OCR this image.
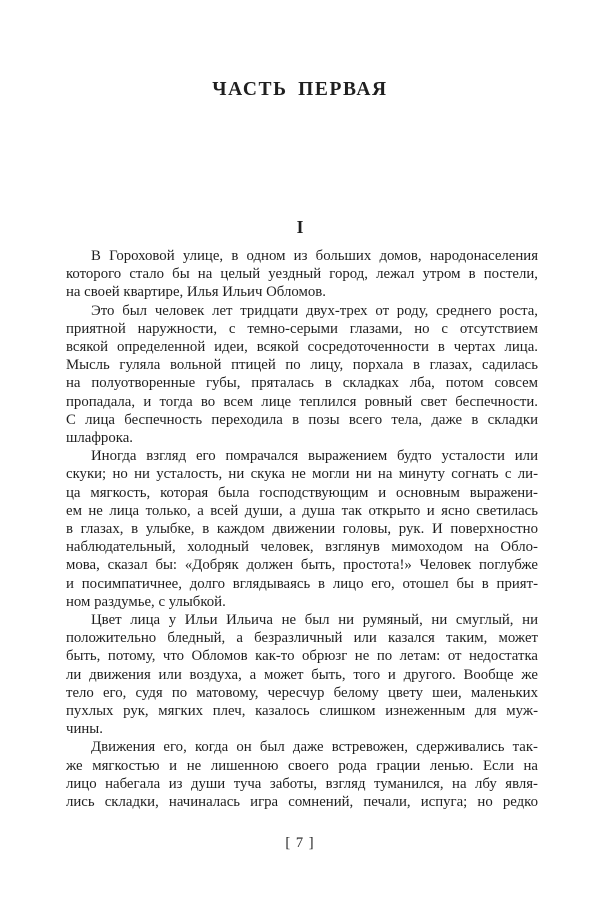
ЧАСТЬ ПЕРВАЯ
I
В Гороховой улице, в одном из больших домов, народонаселения
которого стало бы на целый уездный город, лежал утром в постели,
на своей квартире, Илья Ильич Обломов.
Это был человек лет тридцати двух-трех от роду, среднего роста,
приятной наружности, с темно-серыми глазами, но с отсутствием
всякой определенной идеи, всякой сосредоточенности в чертах лица.
Мысль гуляла вольной птицей по лицу, порхала в глазах, садилась
на полуотворенные губы, пряталась в складках лба, потом совсем
пропадала, и тогда во всем лице теплился ровный свет беспечности.
С лица беспечность переходила в позы всего тела, даже в складки
шлафрока.
Иногда взгляд его помрачался выражением будто усталости или
скуки; но ни усталость, ни скука не могли ни на минуту согнать с ли-
ца мягкость, которая была господствующим и основным выражени-
ем не лица только, а всей души, а душа так открыто и ясно светилась
в глазах, в улыбке, в каждом движении головы, рук. И поверхностно
наблюдательный, холодный человек, взглянув мимоходом на Обло-
мова, сказал бы: «Добряк должен быть, простота!» Человек поглубже
и посимпатичнее, долго вглядываясь в лицо его, отошел бы в прият-
ном раздумье, с улыбкой.
Цвет лица у Ильи Ильича не был ни румяный, ни смуглый, ни
положительно бледный, а безразличный или казался таким, может
быть, потому, что Обломов как-то обрюзг не по летам: от недостатка
ли движения или воздуха, а может быть, того и другого. Вообще же
тело его, судя по матовому, чересчур белому цвету шеи, маленьких
пухлых рук, мягких плеч, казалось слишком изнеженным для муж-
чины.
Движения его, когда он был даже встревожен, сдерживались так-
же мягкостью и не лишенною своего рода грации ленью. Если на
лицо набегала из души туча заботы, взгляд туманился, на лбу явля-
лись складки, начиналась игра сомнений, печали, испуга; но редко
[ 7 ]
